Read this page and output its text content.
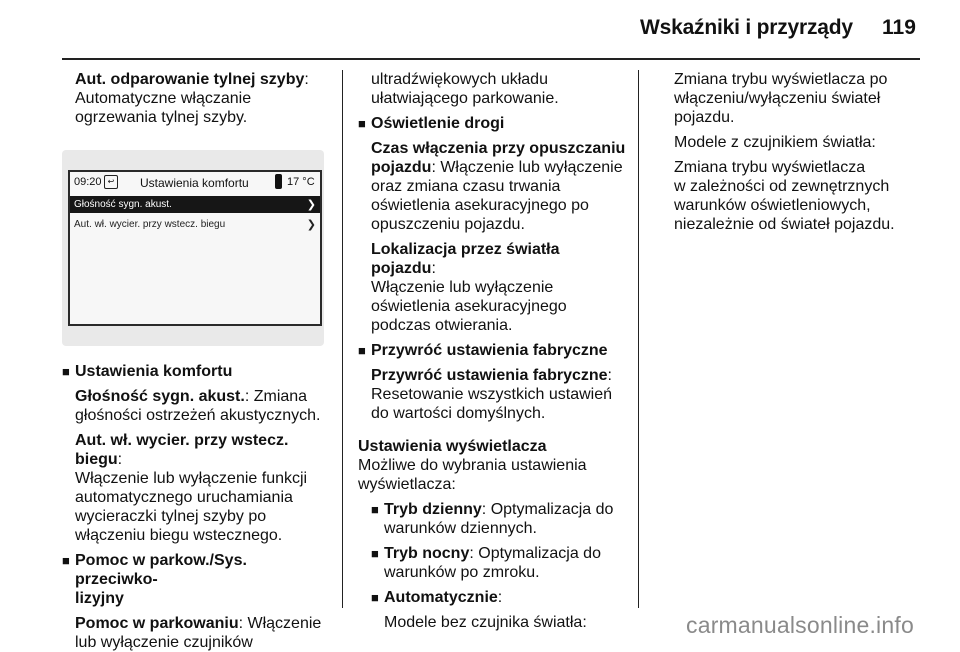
Wskaźniki i przyrządy 119

Aut. odparowanie tylnej szyby:

Automatyczne włączanie

ogrzewania tylnej szyby.

09:20 ↩	Ustawienia komfortu	17 °C
Głośność sygn. akust.	❯
Aut. wł. wycier. przy wstecz. biegu	❯
■ Ustawienia komfortu

Głośność sygn. akust.: Zmiana

głośności ostrzeżeń akustycznych.

Aut. wł. wycier. przy wstecz. biegu:

Włączenie lub wyłączenie funkcji

automatycznego uruchamiania

wycieraczki tylnej szyby po

włączeniu biegu wstecznego.

■ Pomoc w parkow./Sys. przeciwko-

lizyjny

Pomoc w parkowaniu: Włączenie

lub wyłączenie czujników

ultradźwiękowych układu

ułatwiającego parkowanie.

■ Oświetlenie drogi

Czas włączenia przy opuszczaniu

pojazdu: Włączenie lub wyłączenie

oraz zmiana czasu trwania

oświetlenia asekuracyjnego po

opuszczeniu pojazdu.

Lokalizacja przez światła pojazdu:

Włączenie lub wyłączenie

oświetlenia asekuracyjnego

podczas otwierania.

■ Przywróć ustawienia fabryczne

Przywróć ustawienia fabryczne:

Resetowanie wszystkich ustawień

do wartości domyślnych.

Ustawienia wyświetlacza

Możliwe do wybrania ustawienia

wyświetlacza:

■ Tryb dzienny: Optymalizacja do

warunków dziennych.

■ Tryb nocny: Optymalizacja do

warunków po zmroku.

■ Automatycznie:

Modele bez czujnika światła:

Zmiana trybu wyświetlacza po

włączeniu/wyłączeniu świateł

pojazdu.

Modele z czujnikiem światła:

Zmiana trybu wyświetlacza

w zależności od zewnętrznych

warunków oświetleniowych,

niezależnie od świateł pojazdu.

carmanualsonline.info
